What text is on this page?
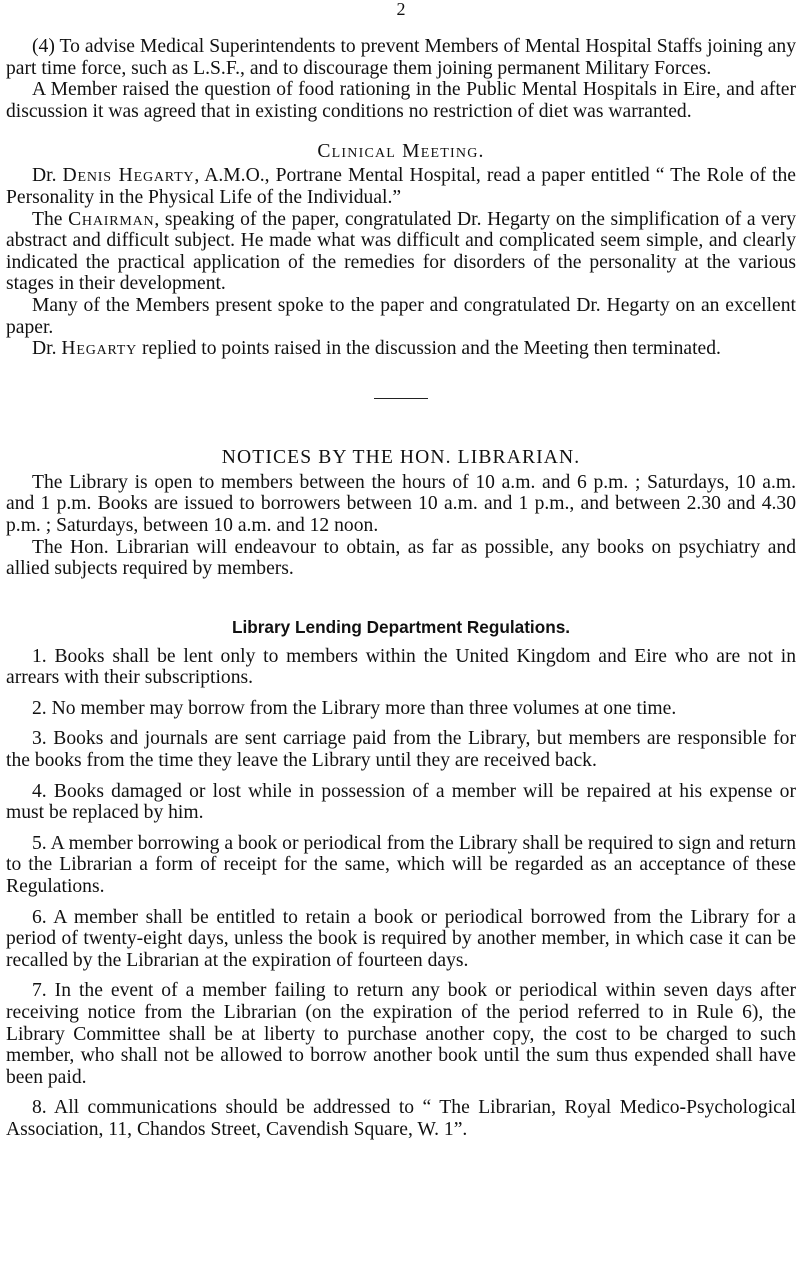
2

(4) To advise Medical Superintendents to prevent Members of Mental Hospital Staffs joining any part time force, such as L.S.F., and to discourage them joining permanent Military Forces.

A Member raised the question of food rationing in the Public Mental Hospitals in Eire, and after discussion it was agreed that in existing conditions no restriction of diet was warranted.

Clinical Meeting.

Dr. Denis Hegarty, A.M.O., Portrane Mental Hospital, read a paper entitled “ The Role of the Personality in the Physical Life of the Individual.”

The Chairman, speaking of the paper, congratulated Dr. Hegarty on the simplification of a very abstract and difficult subject. He made what was difficult and complicated seem simple, and clearly indicated the practical application of the remedies for disorders of the personality at the various stages in their development.

Many of the Members present spoke to the paper and congratulated Dr. Hegarty on an excellent paper.

Dr. Hegarty replied to points raised in the discussion and the Meeting then terminated.

NOTICES BY THE HON. LIBRARIAN.

The Library is open to members between the hours of 10 a.m. and 6 p.m. ; Saturdays, 10 a.m. and 1 p.m. Books are issued to borrowers between 10 a.m. and 1 p.m., and between 2.30 and 4.30 p.m. ; Saturdays, between 10 a.m. and 12 noon.

The Hon. Librarian will endeavour to obtain, as far as possible, any books on psychiatry and allied subjects required by members.

Library Lending Department Regulations.

1. Books shall be lent only to members within the United Kingdom and Eire who are not in arrears with their subscriptions.

2. No member may borrow from the Library more than three volumes at one time.

3. Books and journals are sent carriage paid from the Library, but members are responsible for the books from the time they leave the Library until they are received back.

4. Books damaged or lost while in possession of a member will be repaired at his expense or must be replaced by him.

5. A member borrowing a book or periodical from the Library shall be required to sign and return to the Librarian a form of receipt for the same, which will be regarded as an acceptance of these Regulations.

6. A member shall be entitled to retain a book or periodical borrowed from the Library for a period of twenty-eight days, unless the book is required by another member, in which case it can be recalled by the Librarian at the expiration of fourteen days.

7. In the event of a member failing to return any book or periodical within seven days after receiving notice from the Librarian (on the expiration of the period referred to in Rule 6), the Library Committee shall be at liberty to purchase another copy, the cost to be charged to such member, who shall not be allowed to borrow another book until the sum thus expended shall have been paid.

8. All communications should be addressed to “ The Librarian, Royal Medico-Psychological Association, 11, Chandos Street, Cavendish Square, W. 1”.
